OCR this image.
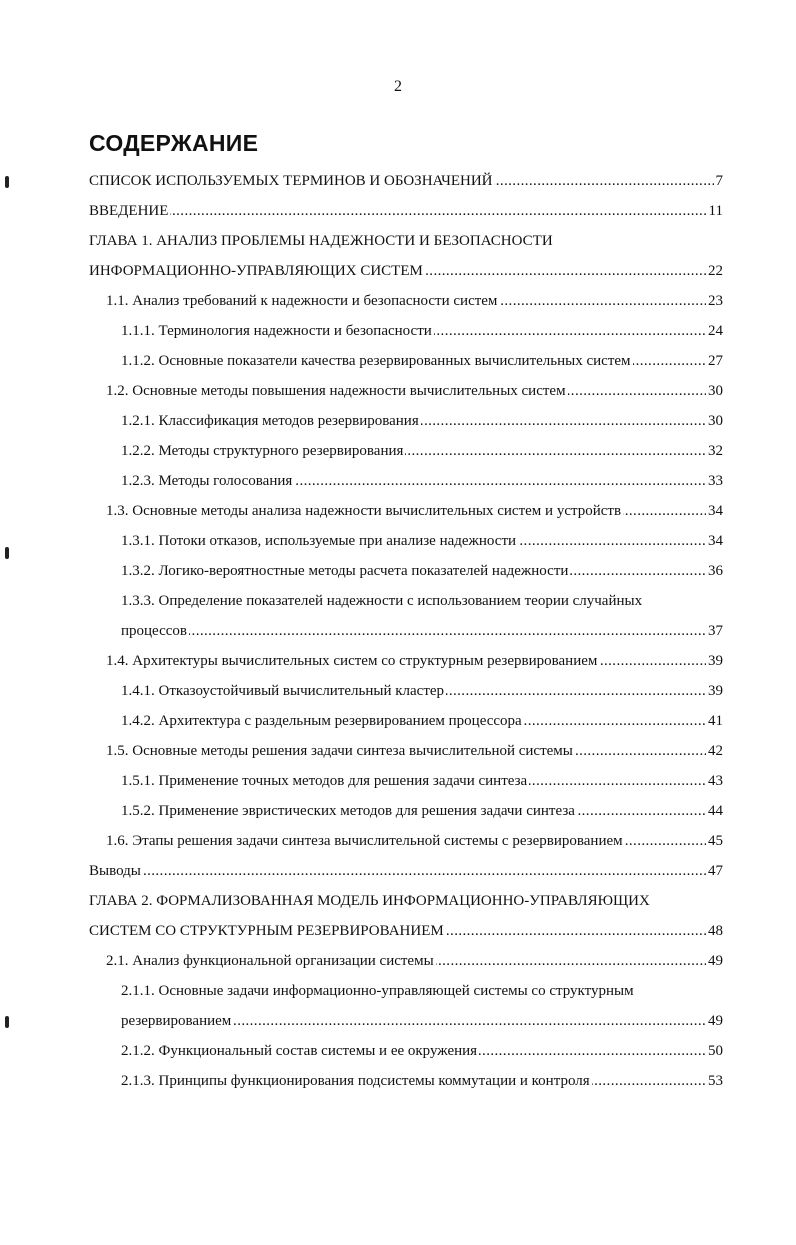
2
СОДЕРЖАНИЕ
.....
СПИСОК ИСПОЛЬЗУЕМЫХ ТЕРМИНОВ И ОБОЗНАЧЕНИЙ	7
.....
ВВЕДЕНИЕ	11
ГЛАВА 1. АНАЛИЗ ПРОБЛЕМЫ НАДЕЖНОСТИ И БЕЗОПАСНОСТИ
.....
ИНФОРМАЦИОННО-УПРАВЛЯЮЩИХ СИСТЕМ	22
.....
1.1. Анализ требований к надежности и безопасности систем	23
.....
1.1.1. Терминология надежности и безопасности	24
.....
1.1.2. Основные показатели качества резервированных вычислительных систем	27
.....
1.2. Основные методы повышения надежности вычислительных систем	30
.....
1.2.1. Классификация методов резервирования	30
.....
1.2.2. Методы структурного резервирования	32
.....
1.2.3. Методы голосования	33
.....
1.3. Основные методы анализа надежности вычислительных систем и устройств	34
.....
1.3.1. Потоки отказов, используемые при анализе надежности	34
.....
1.3.2. Логико-вероятностные методы расчета показателей надежности	36
1.3.3. Определение показателей надежности с использованием теории случайных
.....
процессов	37
.....
1.4. Архитектуры вычислительных систем со структурным резервированием	39
.....
1.4.1. Отказоустойчивый вычислительный кластер	39
.....
1.4.2. Архитектура с раздельным резервированием процессора	41
.....
1.5. Основные методы решения задачи синтеза вычислительной системы	42
.....
1.5.1. Применение точных методов для решения задачи синтеза	43
.....
1.5.2. Применение эвристических методов для решения задачи синтеза	44
.....
1.6. Этапы решения задачи синтеза вычислительной системы с резервированием	45
.....
Выводы	47
ГЛАВА 2. ФОРМАЛИЗОВАННАЯ МОДЕЛЬ ИНФОРМАЦИОННО-УПРАВЛЯЮЩИХ
.....
СИСТЕМ СО СТРУКТУРНЫМ РЕЗЕРВИРОВАНИЕМ	48
.....
2.1. Анализ функциональной организации системы	49
2.1.1. Основные задачи информационно-управляющей системы со структурным
.....
резервированием	49
.....
2.1.2. Функциональный состав системы и ее окружения	50
.....
2.1.3. Принципы функционирования подсистемы коммутации и контроля	53
